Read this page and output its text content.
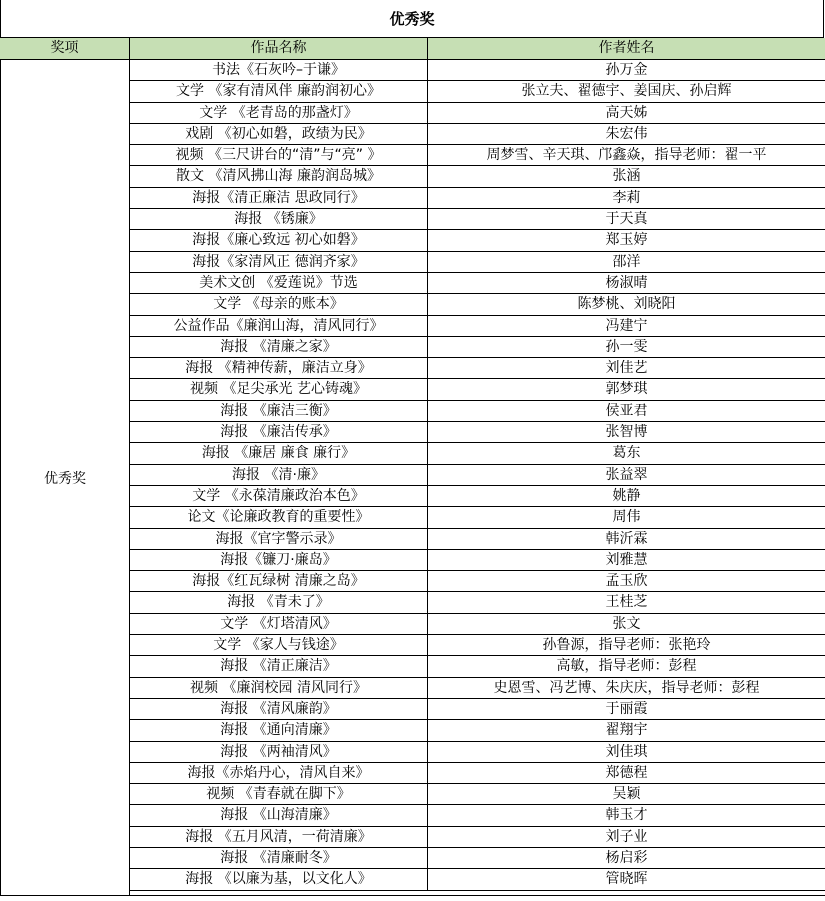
优秀奖
奖项	作品名称	作者姓名
优秀奖
书法《石灰吟–于谦》	孙万金
文学 《家有清风伴 廉韵润初心》	张立夫、翟德宇、姜国庆、孙启辉
文学 《老青岛的那盏灯》	高天姊
戏剧 《初心如磐，政绩为民》	朱宏伟
视频 《三尺讲台的“清”与“亮” 》	周梦雪、辛天琪、邝鑫焱，指导老师：翟一平
散文 《清风拂山海 廉韵润岛城》	张涵
海报《清正廉洁 思政同行》	李莉
海报 《锈廉》	于天真
海报《廉心致远 初心如磐》	郑玉婷
海报《家清风正 德润齐家》	邵洋
美术文创 《爱莲说》节选	杨淑晴
文学 《母亲的账本》	陈梦桃、刘晓阳
公益作品《廉润山海，清风同行》	冯建宁
海报 《清廉之家》	孙一雯
海报 《精神传薪，廉洁立身》	刘佳艺
视频 《足尖承光 艺心铸魂》	郭梦琪
海报 《廉洁三衡》	侯亚君
海报 《廉洁传承》	张智博
海报 《廉居 廉食 廉行》	葛东
海报 《清·廉》	张益翠
文学 《永葆清廉政治本色》	姚静
论文《论廉政教育的重要性》	周伟
海报《官字警示录》	韩沂霖
海报《镰刀·廉岛》	刘雅慧
海报《红瓦绿树 清廉之岛》	孟玉欣
海报 《青未了》	王桂芝
文学 《灯塔清风》	张文
文学 《家人与钱途》	孙鲁源，指导老师：张艳玲
海报 《清正廉洁》	高敏，指导老师：彭程
视频 《廉润校园 清风同行》	史恩雪、冯艺博、朱庆庆，指导老师：彭程
海报 《清风廉韵》	于丽霞
海报 《通向清廉》	翟翔宇
海报 《两袖清风》	刘佳琪
海报《赤焰丹心，清风自来》	郑德程
视频 《青春就在脚下》	吴颖
海报 《山海清廉》	韩玉才
海报 《五月风清，一荷清廉》	刘子业
海报 《清廉耐冬》	杨启彩
海报 《以廉为基，以文化人》	管晓晖
